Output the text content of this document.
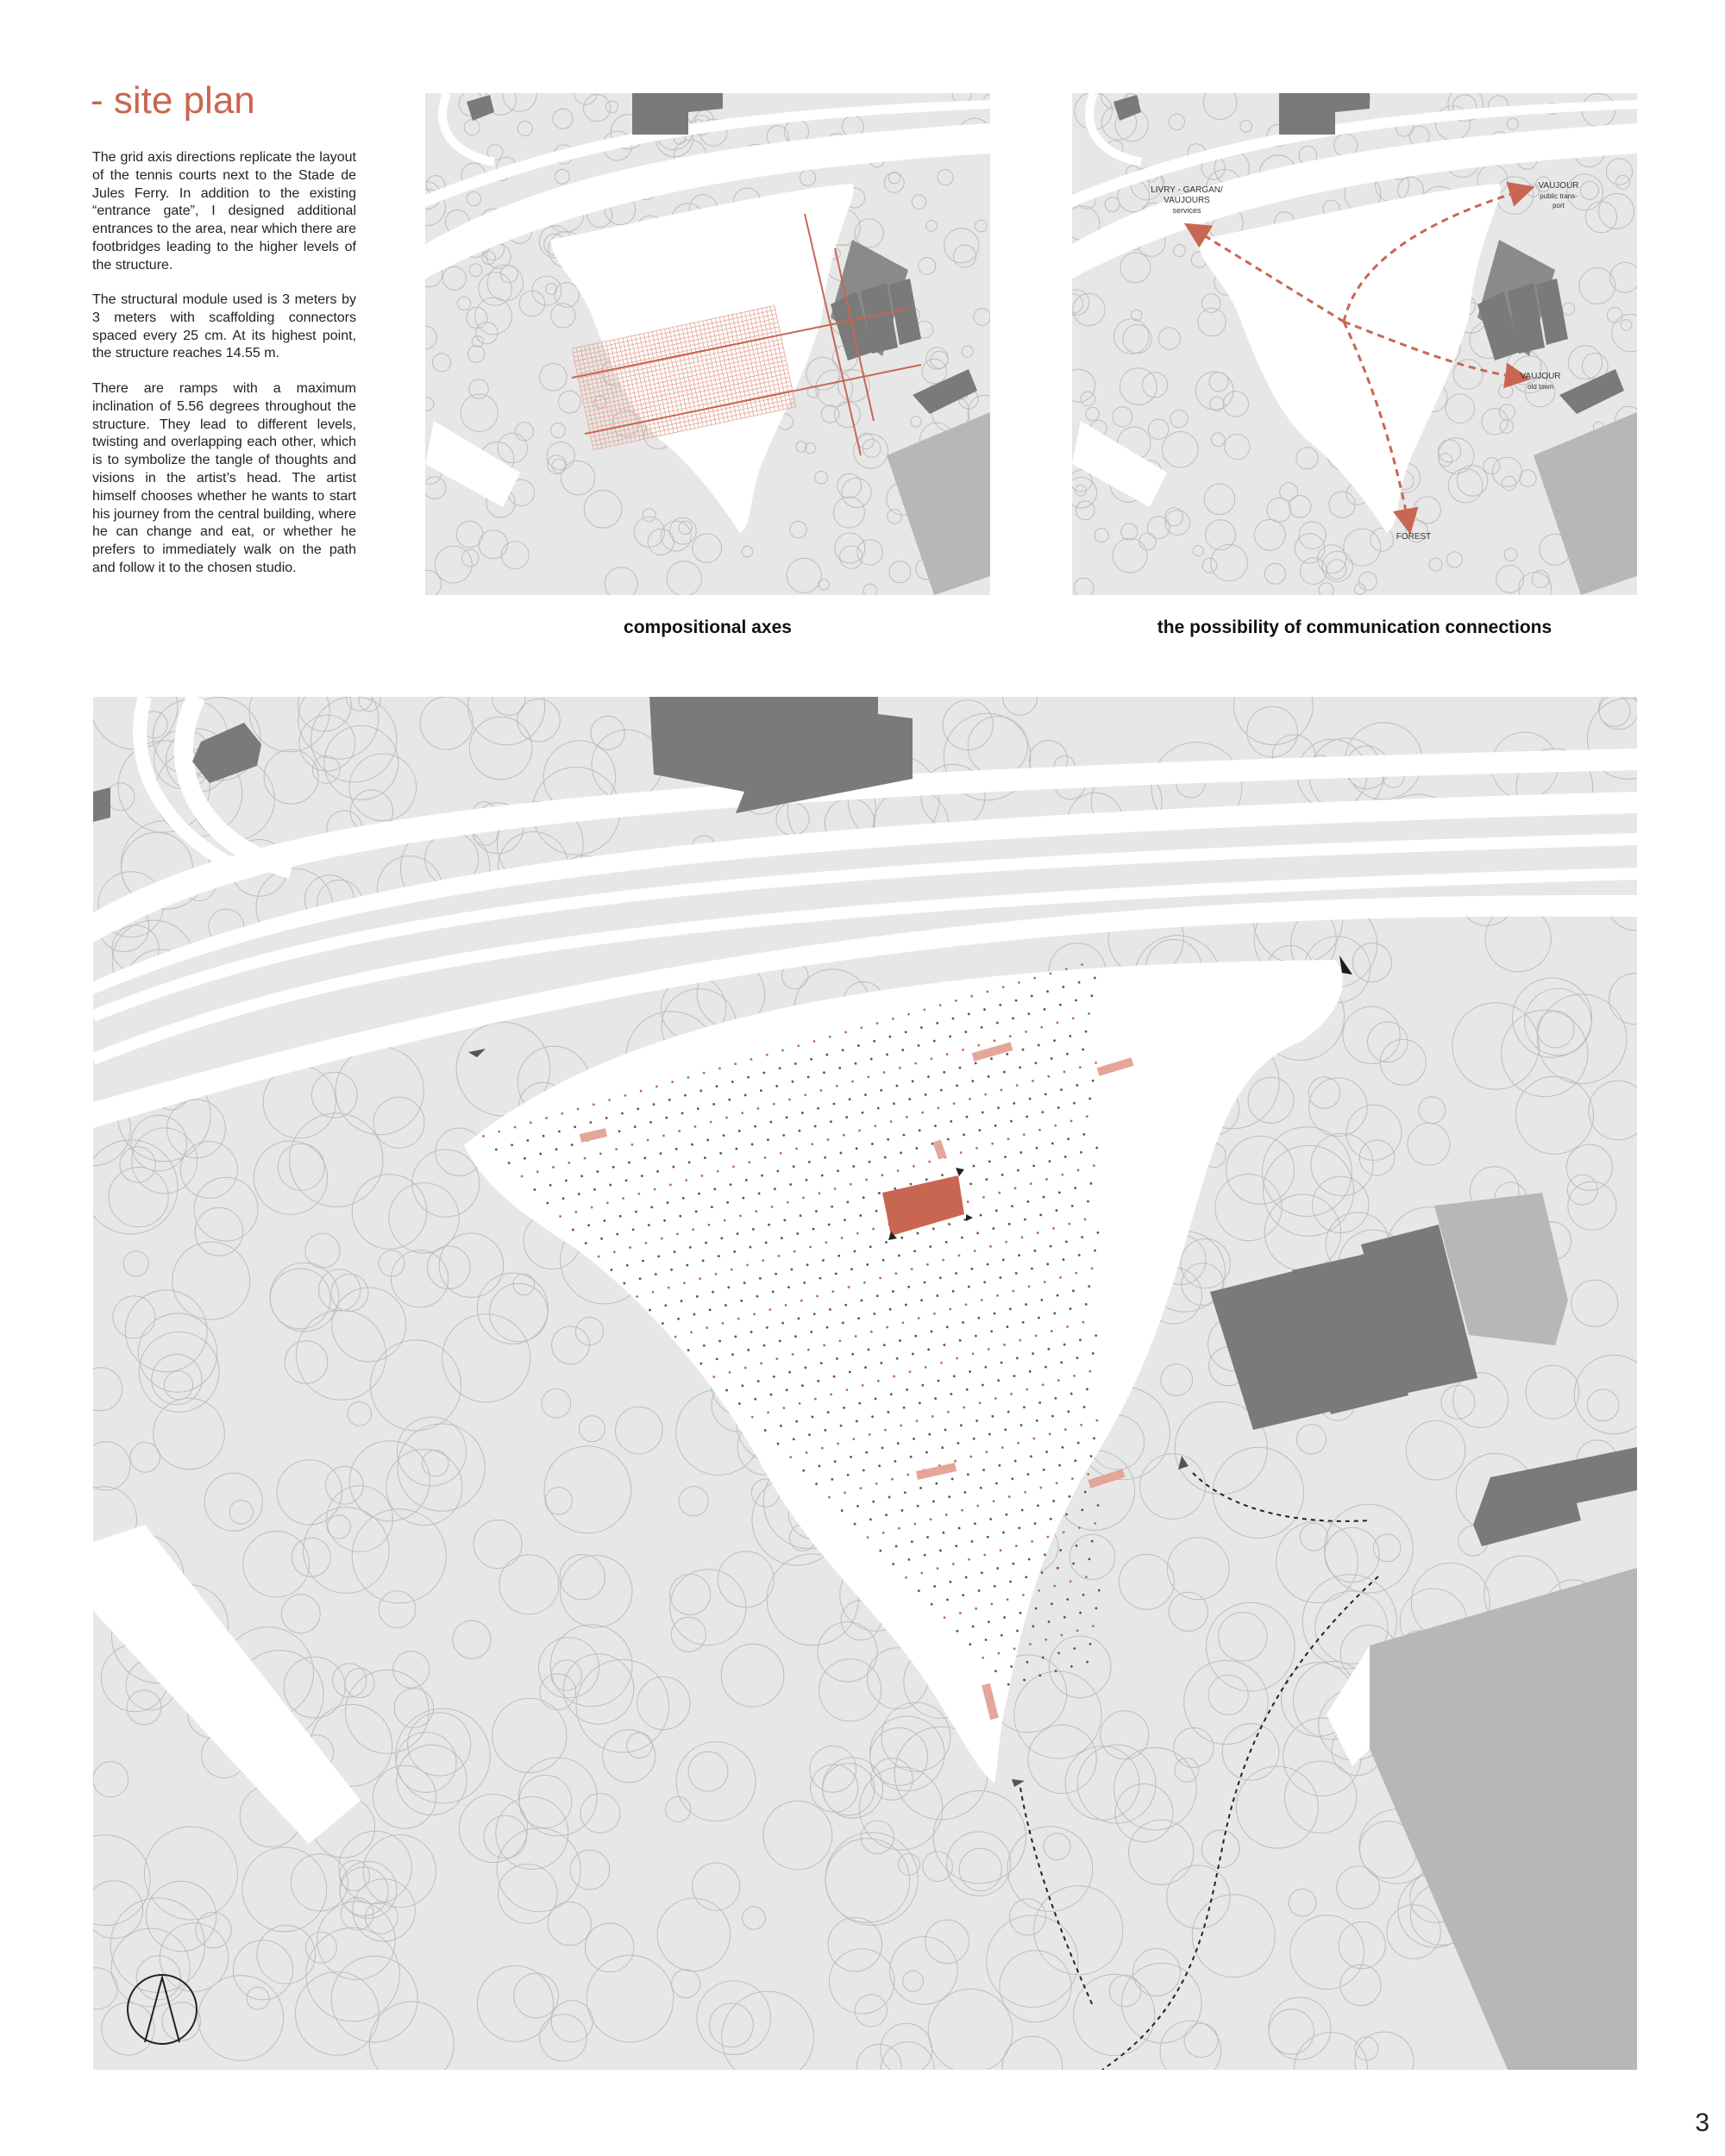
- site plan

The grid axis directions replicate the layout of the tennis courts next to the Stade de Jules Ferry. In addition to the existing “entrance gate”, I designed additional entrances to the area, near which there are footbridges leading to the higher levels of the structure.

The structural module used is 3 meters by 3 meters with scaffolding connectors spaced every 25 cm. At its highest point, the structure reaches 14.55 m.

There are ramps with a maximum inclination of 5.56 degrees throughout the structure. They lead to different levels, twisting and overlapping each other, which is to symbolize the tangle of thoughts and visions in the artist’s head. The artist himself chooses whether he wants to start his journey from the central building, where he can change and eat, or whether he prefers to immediately walk on the path and follow it to the chosen studio.

compositional axes
LIVRY - GARGAN/
VAUJOURS
services
VAUJOUR
public trans-
port
VAUJOUR
old town
FOREST
the possibility of communication connections
3
